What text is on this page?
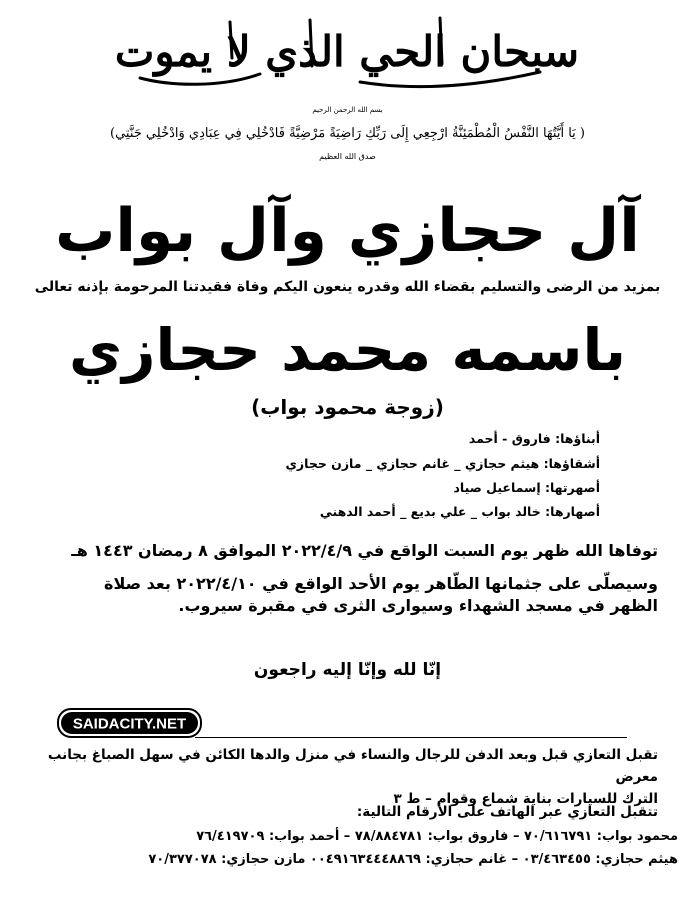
سبحان الحي الذي لا يموت
بسم الله الرحمن الرحيم
( يَا أَيَّتُهَا النَّفْسُ الْمُطْمَئِنَّةُ ارْجِعِي إِلَى رَبِّكِ رَاضِيَةً مَرْضِيَّةً فَادْخُلِي فِي عِبَادِي وَادْخُلِي جَنَّتِي)
صدق الله العظيم
آل حجازي وآل بواب
بمزيد من الرضى والتسليم بقضاء الله وقدره ينعون اليكم وفاة فقيدتنا المرحومة بإذنه تعالى
باسمه محمد حجازي
(زوجة محمود بواب)
أبناؤها: فاروق - أحمد
أشقاؤها: هيثم حجازي _ غانم حجازي _ مازن حجازي
أصهرتها: إسماعيل صياد
أصهارها: خالد بواب _ علي بديع _ أحمد الدهني
توفاها الله ظهر يوم السبت الواقع في ٢٠٢٢/٤/٩ الموافق ٨ رمضان ١٤٤٣ هـ
وسيصلّى على جثمانها الطّاهر يوم الأحد الواقع في ٢٠٢٢/٤/١٠ بعد صلاة
الظهر في مسجد الشهداء وسيوارى الثرى في مقبرة سيروب.
إنّا لله وإنّا إليه راجعون
SAIDACITY.NET
تقبل التعازي قبل وبعد الدفن للرجال والنساء في منزل والدها الكائن في سهل الصباغ بجانب معرض
الترك للسيارات بناية شماع وقوام – ط ٣
تتقبل التعازي عبر الهاتف على الأرقام التالية:
محمود بواب: ٧٠/٦١٦٧٩١ – فاروق بواب: ٧٨/٨٨٤٧٨١ – أحمد بواب: ٧٦/٤١٩٧٠٩
هيثم حجازي: ٠٣/٤٦٣٤٥٥ – غانم حجازي: ٠٠٤٩١٦٣٤٤٤٨٨٦٩ مازن حجازي: ٧٠/٣٧٧٠٧٨
